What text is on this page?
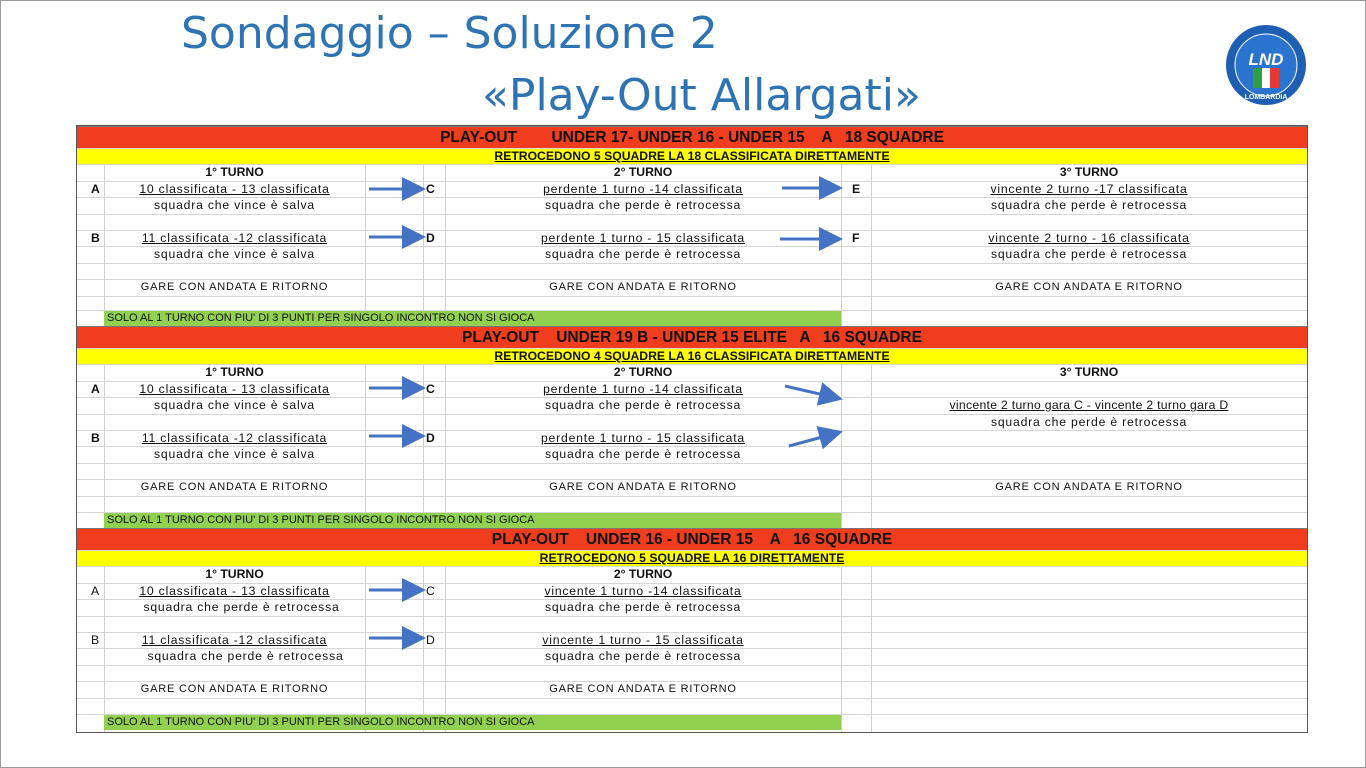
Sondaggio – Soluzione 2
«Play-Out Allargati»
LND
LOMBARDIA
PLAY-OUT        UNDER 17- UNDER 16 - UNDER 15    A   18 SQUADRE
RETROCEDONO 5 SQUADRE LA 18 CLASSIFICATA DIRETTAMENTE
1° TURNO	2° TURNO	3° TURNO
A	10 classificata - 13 classificata	C	perdente 1 turno -14 classificata	E	vincente 2 turno -17 classificata
squadra che vince è salva	squadra che perde è retrocessa	squadra che perde è retrocessa
B	11 classificata -12 classificata	D	perdente 1 turno - 15 classificata	F	vincente 2 turno - 16 classificata
squadra che vince è salva	squadra che perde è retrocessa	squadra che perde è retrocessa
GARE CON ANDATA E RITORNO	GARE CON ANDATA E RITORNO	GARE CON ANDATA E RITORNO
SOLO AL 1 TURNO CON PIU' DI 3 PUNTI PER SINGOLO INCONTRO NON SI GIOCA
PLAY-OUT    UNDER 19 B - UNDER 15 ELITE   A   16 SQUADRE
RETROCEDONO 4 SQUADRE LA 16 CLASSIFICATA DIRETTAMENTE
1° TURNO	2° TURNO	3° TURNO
A	10 classificata - 13 classificata	C	perdente 1 turno -14 classificata
squadra che vince è salva	squadra che perde è retrocessa	vincente 2 turno gara C - vincente 2 turno gara D
squadra che perde è retrocessa
B	11 classificata -12 classificata	D	perdente 1 turno - 15 classificata
squadra che vince è salva	squadra che perde è retrocessa
GARE CON ANDATA E RITORNO	GARE CON ANDATA E RITORNO	GARE CON ANDATA E RITORNO
SOLO AL 1 TURNO CON PIU' DI 3 PUNTI PER SINGOLO INCONTRO NON SI GIOCA
PLAY-OUT    UNDER 16 - UNDER 15    A   16 SQUADRE
RETROCEDONO 5 SQUADRE LA 16 DIRETTAMENTE
1° TURNO	2° TURNO
A	10 classificata - 13 classificata	C	vincente 1 turno -14 classificata
squadra che perde è retrocessa	squadra che perde è retrocessa
B	11 classificata -12 classificata	D	vincente 1 turno - 15 classificata
squadra che perde è retrocessa	squadra che perde è retrocessa
GARE CON ANDATA E RITORNO	GARE CON ANDATA E RITORNO
SOLO AL 1 TURNO CON PIU' DI 3 PUNTI PER SINGOLO INCONTRO NON SI GIOCA
